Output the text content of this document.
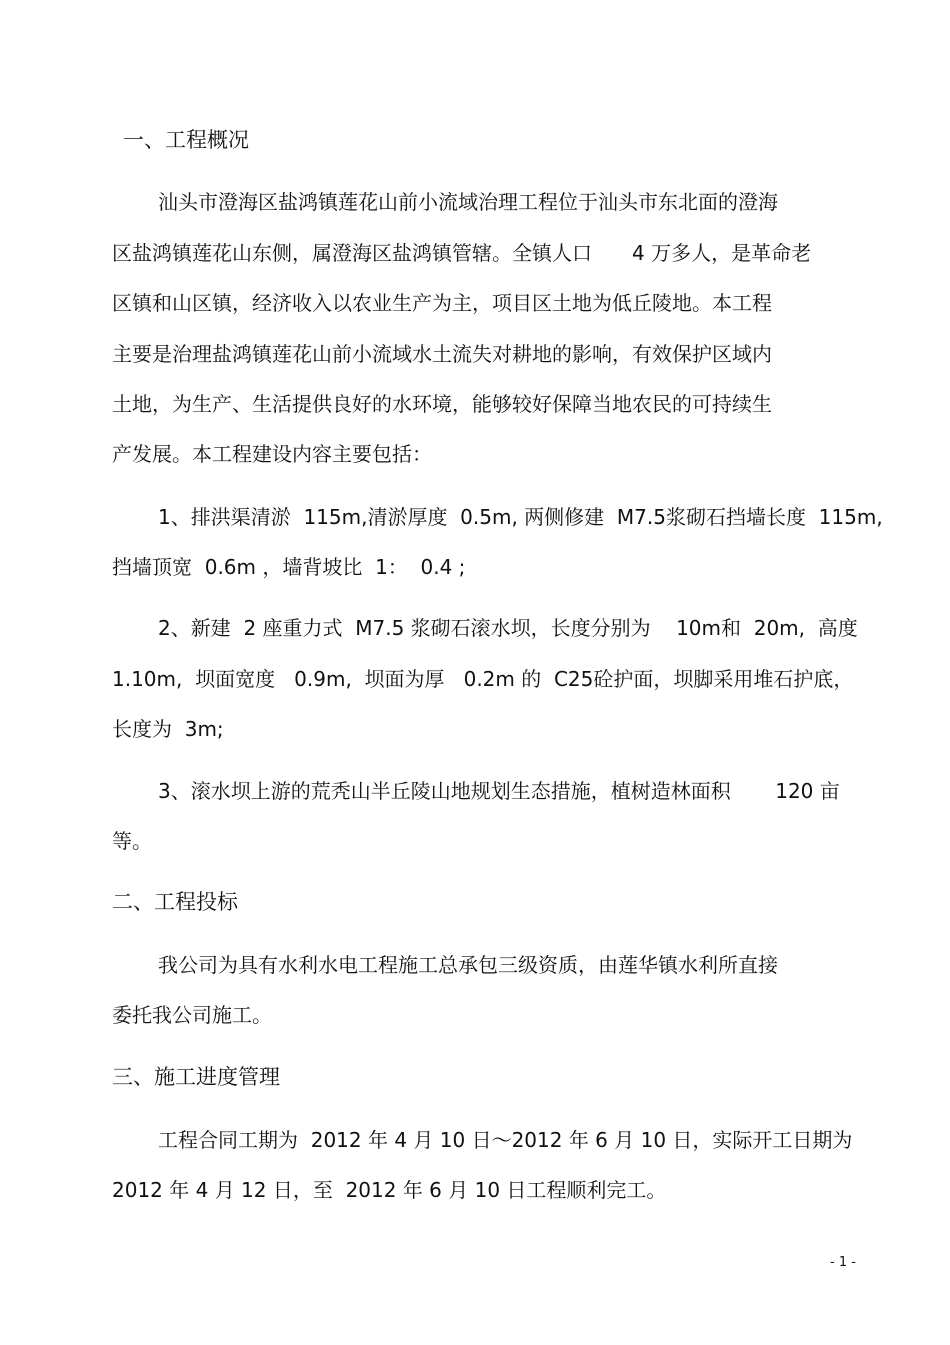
一、工程概况
汕头市澄海区盐鸿镇莲花山前小流域治理工程位于汕头市东北面的澄海
区盐鸿镇莲花山东侧，属澄海区盐鸿镇管辖。全镇人口　　4 万多人，是革命老
区镇和山区镇，经济收入以农业生产为主，项目区土地为低丘陵地。本工程
主要是治理盐鸿镇莲花山前小流域水土流失对耕地的影响，有效保护区域内
土地，为生产、生活提供良好的水环境，能够较好保障当地农民的可持续生
产发展。本工程建设内容主要包括：
1、排洪渠清淤  115m,清淤厚度  0.5m, 两侧修建  M7.5浆砌石挡墙长度  115m,
挡墙顶宽  0.6m ，墙背坡比  1：  0.4 ;
2、新建  2 座重力式  M7.5 浆砌石滚水坝，长度分别为    10m和  20m,  高度
1.10m,  坝面宽度   0.9m,  坝面为厚   0.2m 的  C25砼护面，坝脚采用堆石护底，
长度为  3m;
3、滚水坝上游的荒秃山半丘陵山地规划生态措施，植树造林面积       120 亩
等。
二、工程投标
我公司为具有水利水电工程施工总承包三级资质，由莲华镇水利所直接
委托我公司施工。
三、施工进度管理
工程合同工期为  2012 年 4 月 10 日～2012 年 6 月 10 日，实际开工日期为
2012 年 4 月 12 日，至  2012 年 6 月 10 日工程顺利完工。
- 1 -
